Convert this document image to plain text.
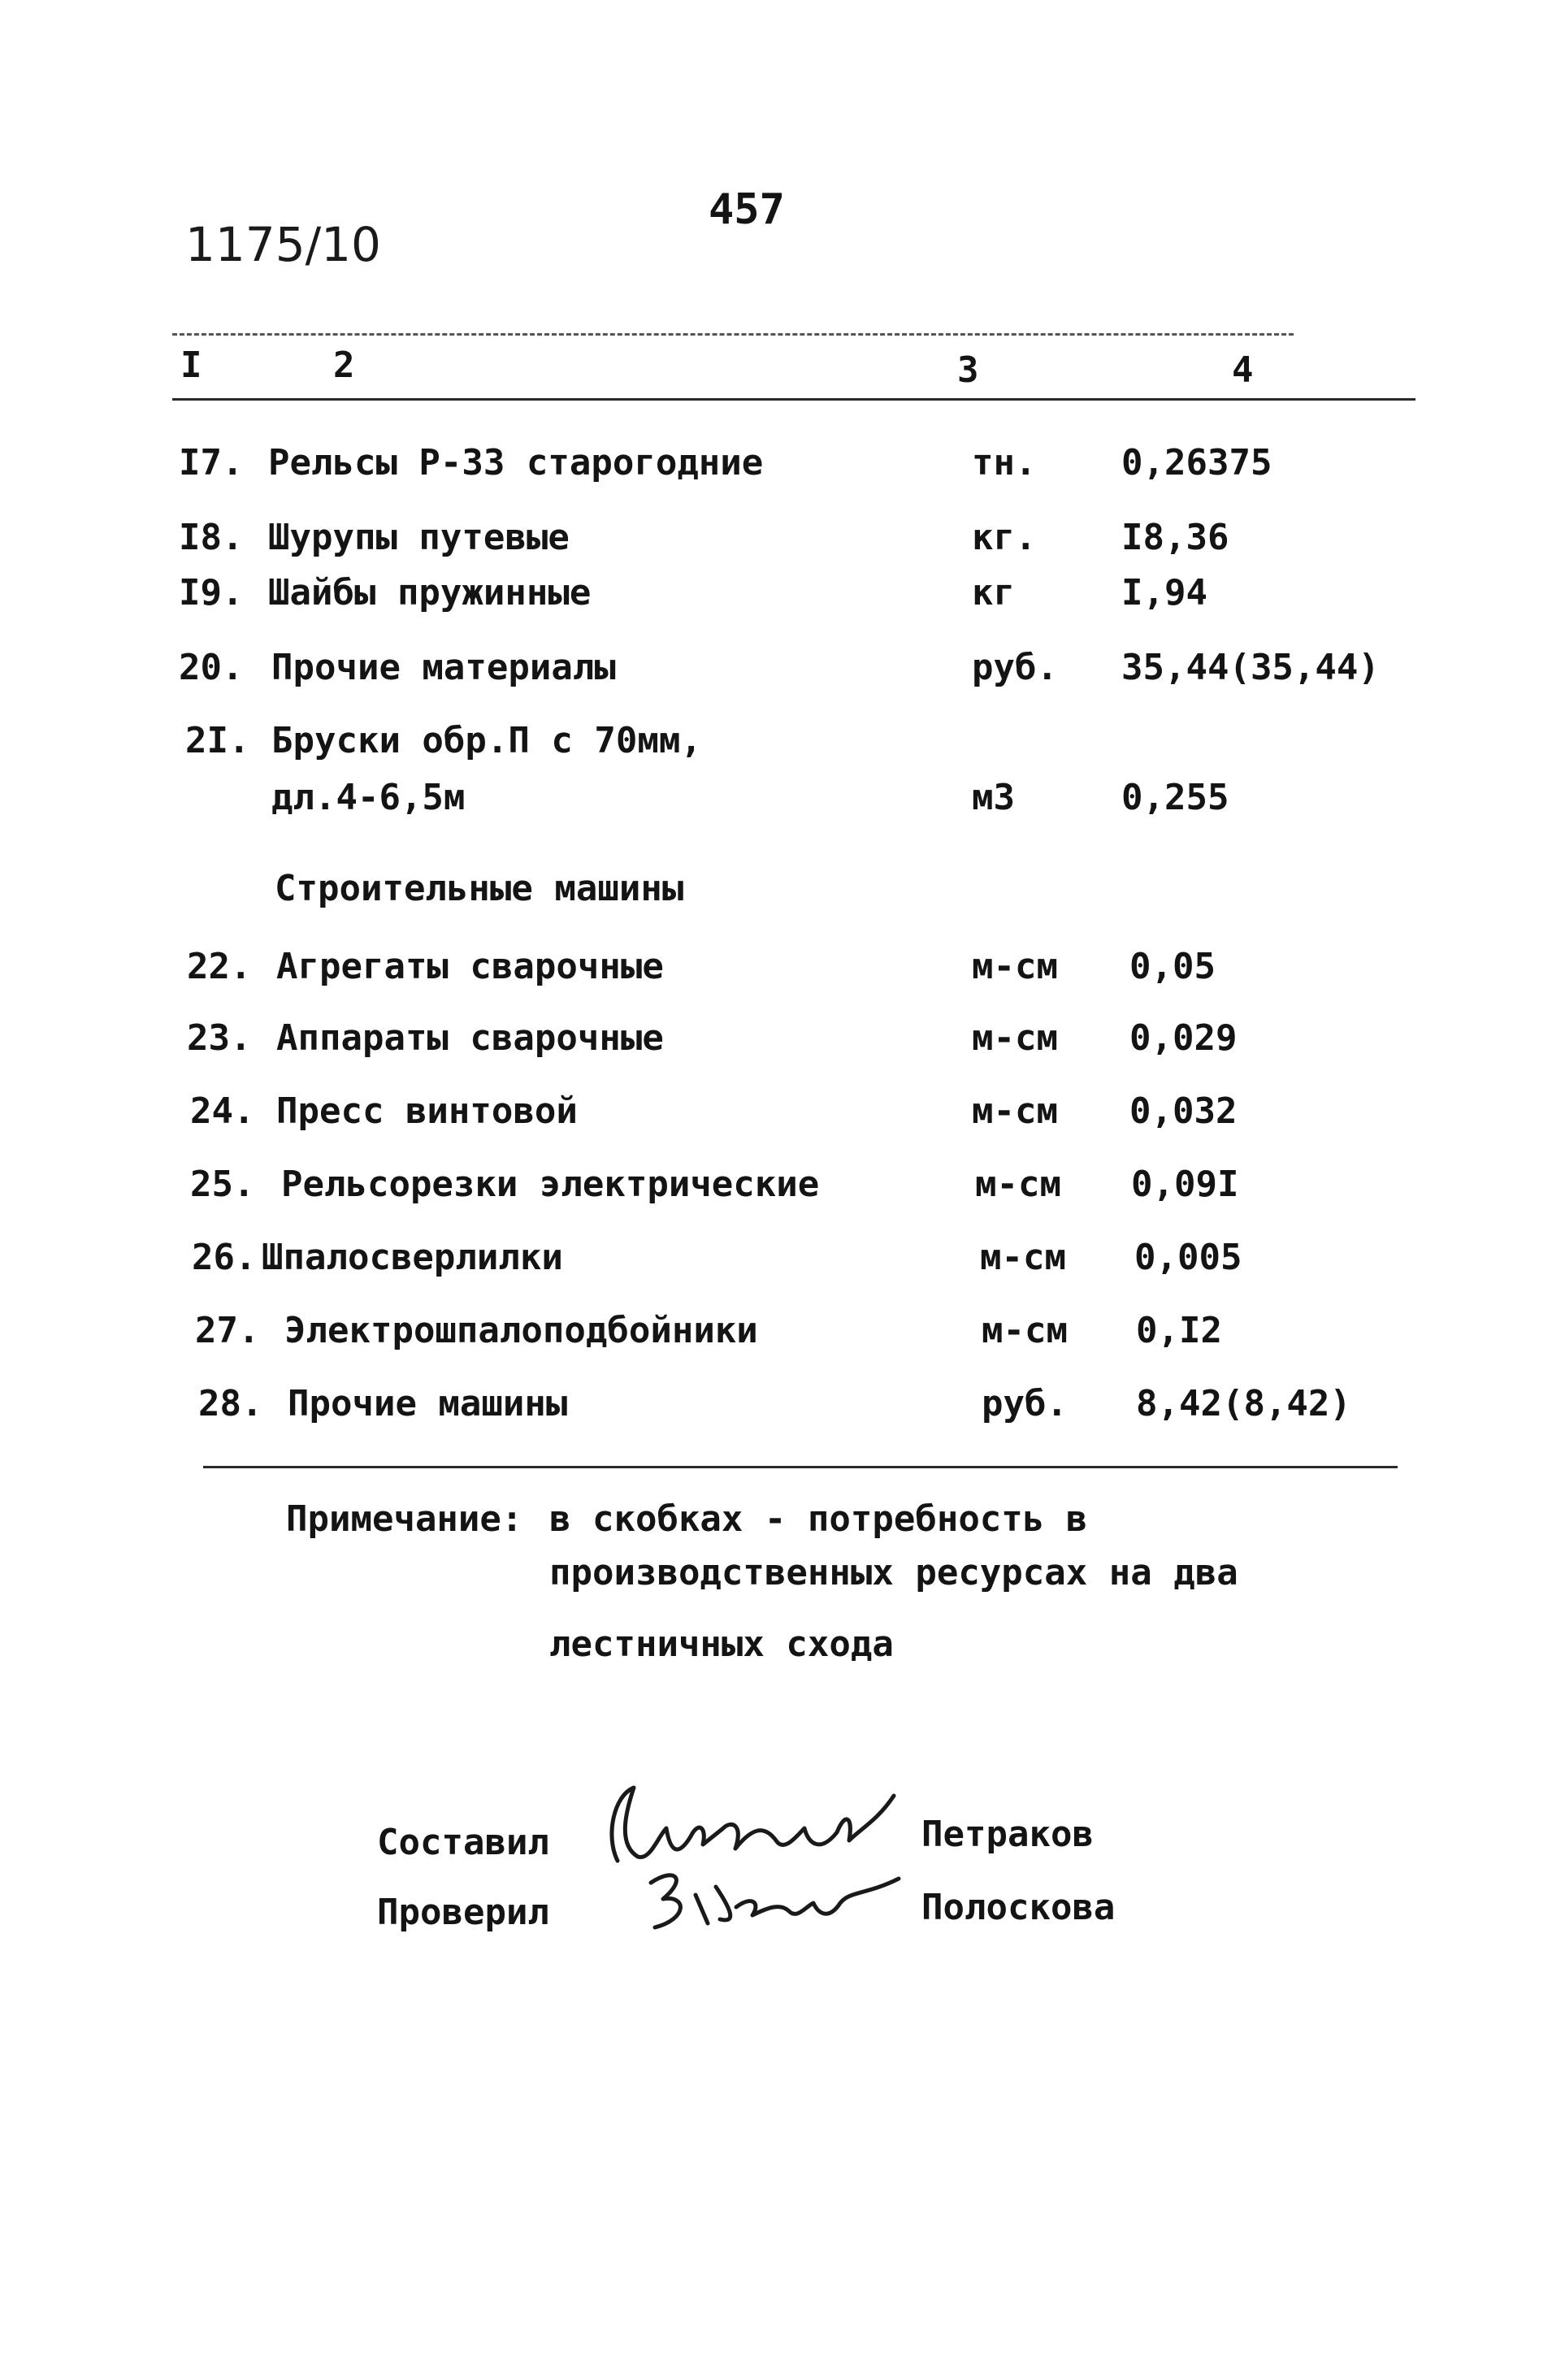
1175/10
457
I	2	3	4
I7. Рельсы Р-33 старогодние	тн. 0,26375
I8. Шурупы путевые	кг. I8,36
I9. Шайбы пружинные	кг	I,94
20. Прочие материалы	руб. 35,44(35,44)
2I. Бруски обр.П с 70мм,
дл.4-6,5м	м3	0,255
Строительные машины
22. Агрегаты сварочные	м-см 0,05
23. Аппараты сварочные	м-см 0,029
24. Пресс винтовой	м-см 0,032
25. Рельсорезки электрические	м-см 0,09I
26. Шпалосверлилки	м-см 0,005
27. Электрошпалоподбойники	м-см 0,I2
28. Прочие машины	руб. 8,42(8,42)
Примечание: в скобках - потребность в
производственных ресурсах на два
лестничных схода
Составил	Петраков
Проверил	Полоскова
